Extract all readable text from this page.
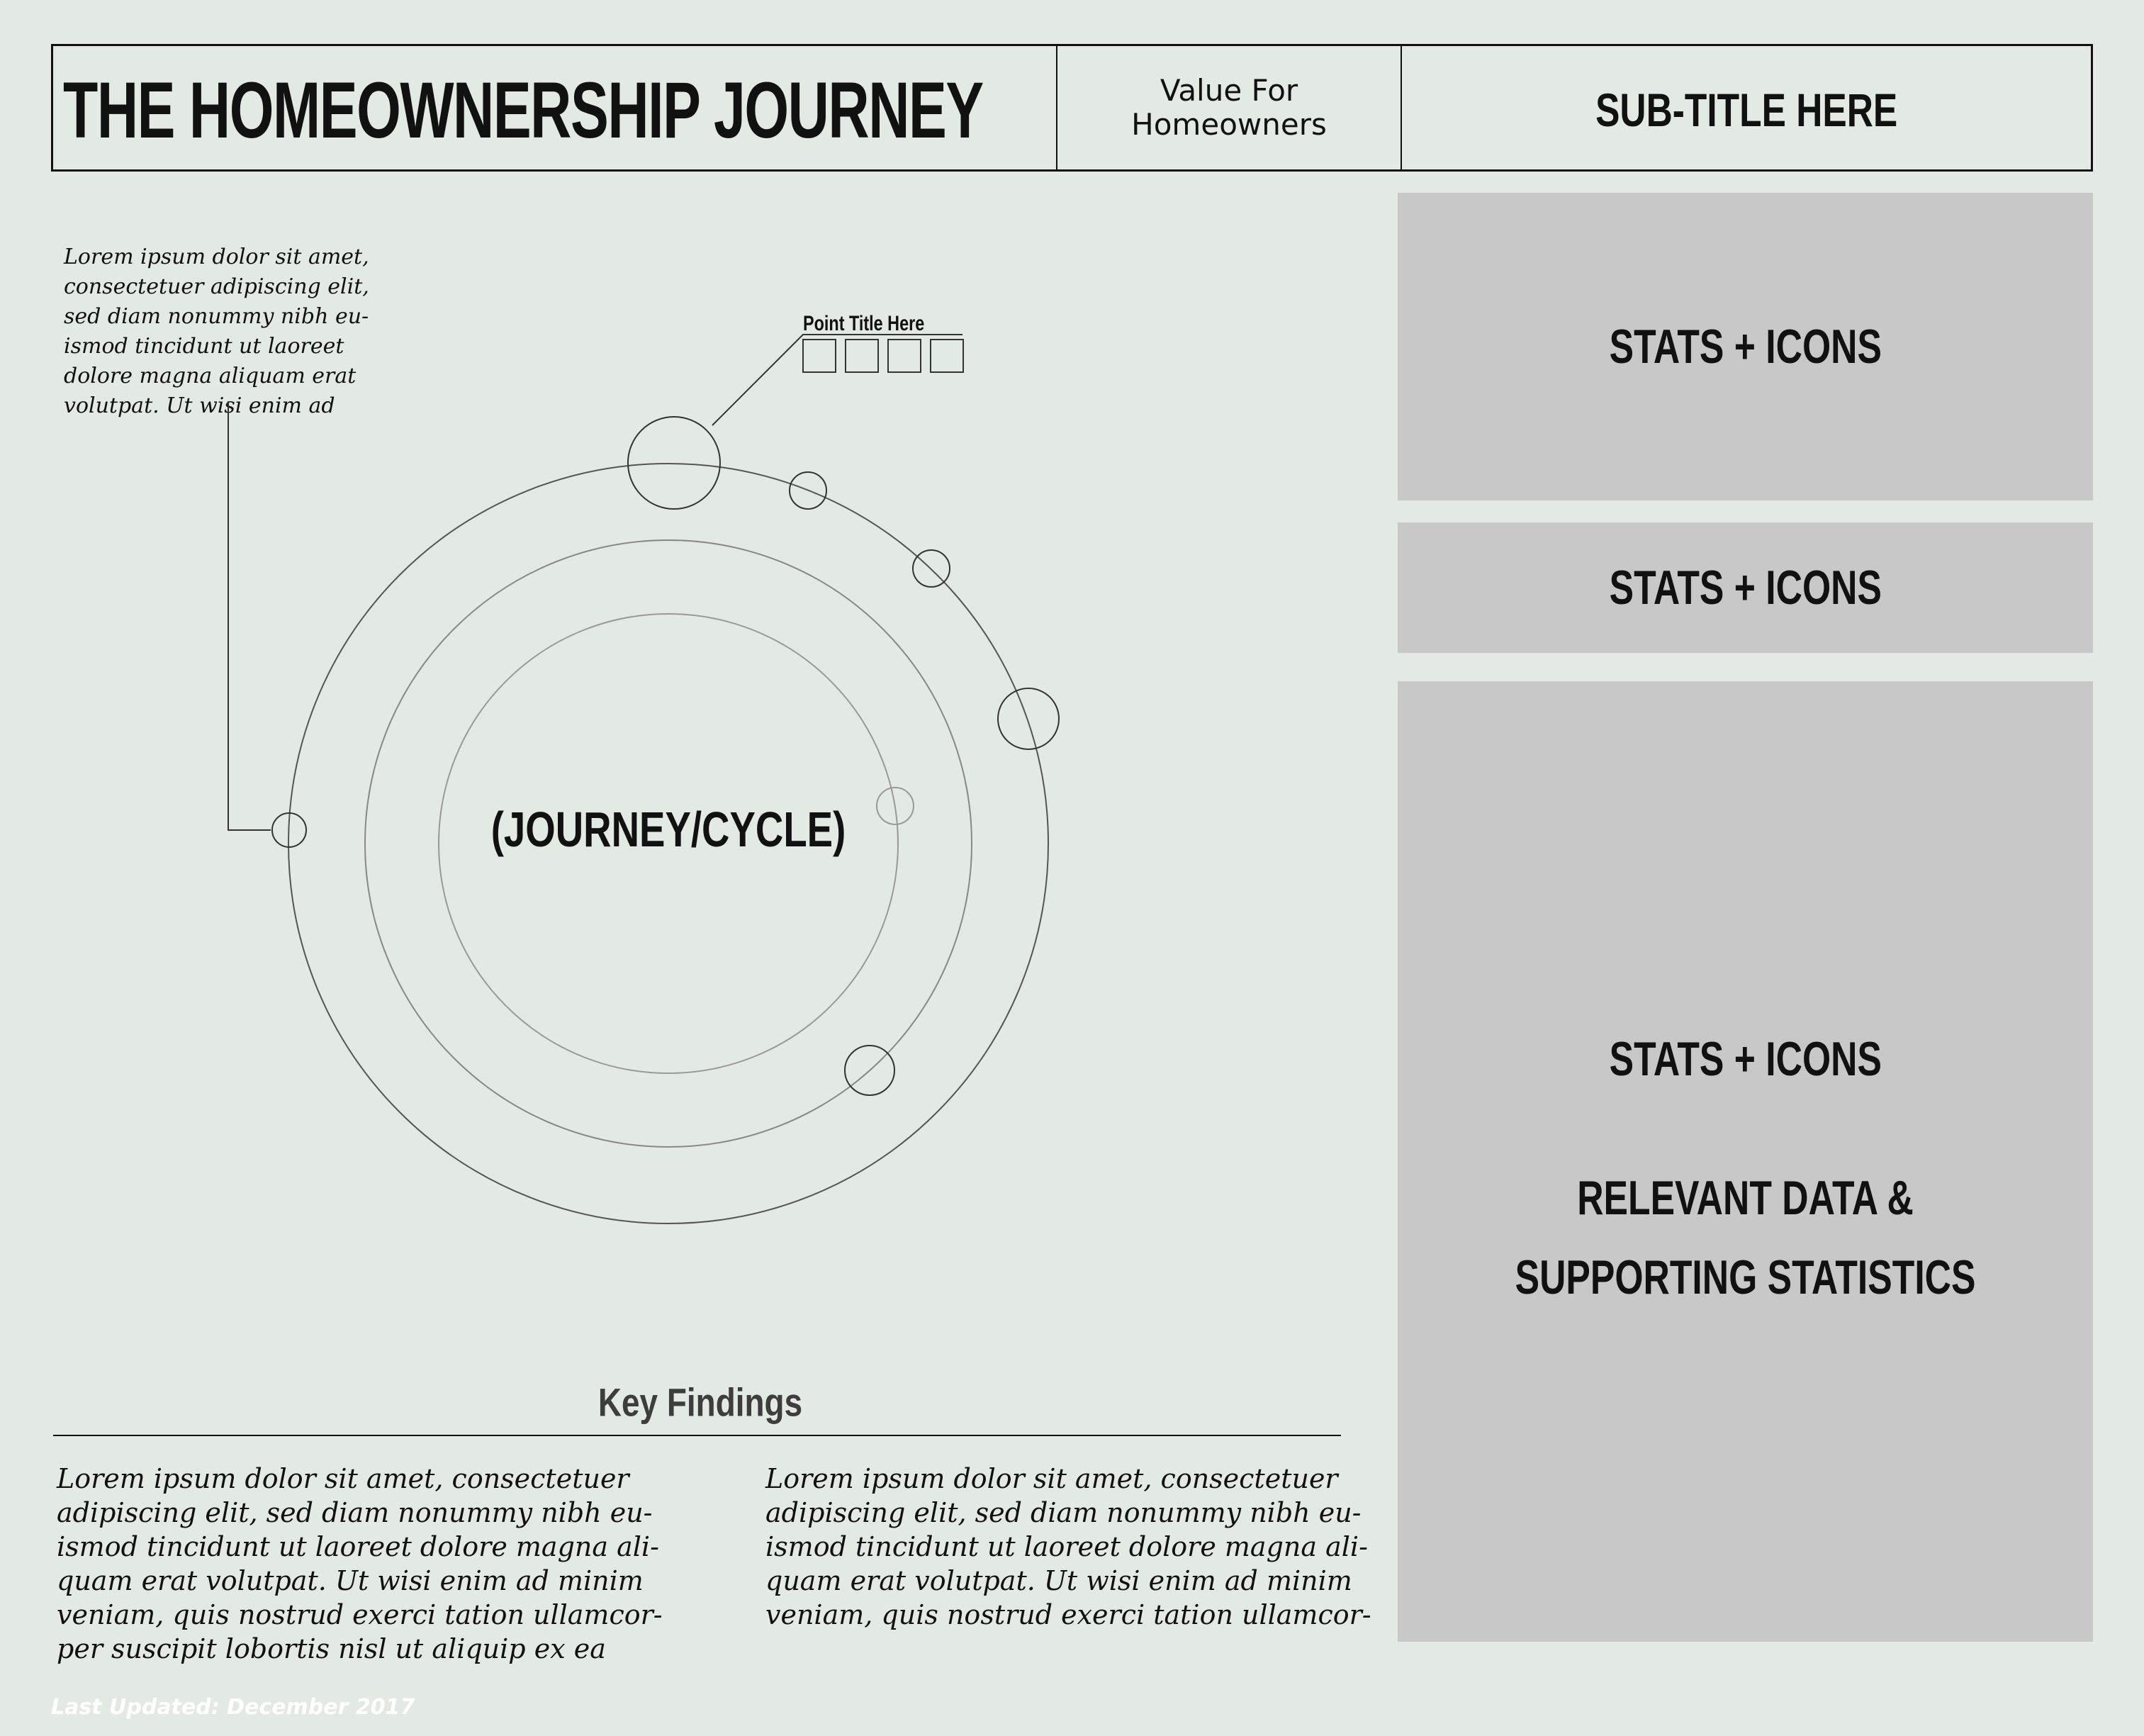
THE HOMEOWNERSHIP JOURNEY	Value For Homeowners	SUB-TITLE HERE
STATS + ICONS
STATS + ICONS
STATS + ICONS
RELEVANT DATA &
SUPPORTING STATISTICS
Lorem ipsum dolor sit amet, consectetuer adipiscing elit, sed diam nonummy nibh euismod tincidunt ut laoreet dolore magna aliquam erat volutpat. Ut wisi enim ad
Point Title Here
(JOURNEY/CYCLE)
Key Findings
Lorem ipsum dolor sit amet, consectetuer adipiscing elit, sed diam nonummy nibh euismod tincidunt ut laoreet dolore magna aliquam erat volutpat. Ut wisi enim ad minim veniam, quis nostrud exerci tation ullamcorper suscipit lobortis nisl ut aliquip ex ea
Lorem ipsum dolor sit amet, consectetuer adipiscing elit, sed diam nonummy nibh euismod tincidunt ut laoreet dolore magna aliquam erat volutpat. Ut wisi enim ad minim veniam, quis nostrud exerci tation ullamcor-
Last Updated: December 2017
